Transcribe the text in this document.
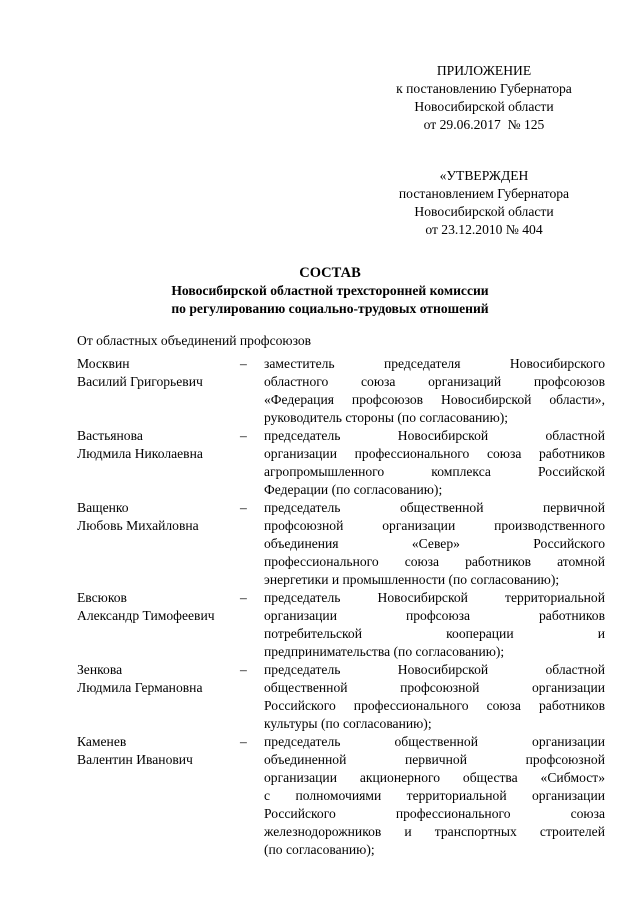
ПРИЛОЖЕНИЕ
к постановлению Губернатора
Новосибирской области
от 29.06.2017  № 125
«УТВЕРЖДЕН
постановлением Губернатора
Новосибирской области
от 23.12.2010 № 404
СОСТАВ
Новосибирской областной трехсторонней комиссии
по регулированию социально-трудовых отношений
От областных объединений профсоюзов
Москвин
Василий Григорьевич
–	заместитель председателя Новосибирского
областного союза организаций профсоюзов
«Федерация профсоюзов Новосибирской области»,
руководитель стороны (по согласованию);
Вастьянова
Людмила Николаевна
–	председатель Новосибирской областной
организации профессионального союза работников
агропромышленного комплекса Российской
Федерации (по согласованию);
Ващенко
Любовь Михайловна
–	председатель общественной первичной
профсоюзной организации производственного
объединения «Север» Российского
профессионального союза работников атомной
энергетики и промышленности (по согласованию);
Евсюков
Александр Тимофеевич
–	председатель Новосибирской территориальной
организации профсоюза работников
потребительской кооперации и
предпринимательства (по согласованию);
Зенкова
Людмила Германовна
–	председатель Новосибирской областной
общественной профсоюзной организации
Российского профессионального союза работников
культуры (по согласованию);
Каменев
Валентин Иванович
–	председатель общественной организации
объединенной первичной профсоюзной
организации акционерного общества «Сибмост»
с полномочиями территориальной организации
Российского профессионального союза
железнодорожников и транспортных строителей
(по согласованию);
